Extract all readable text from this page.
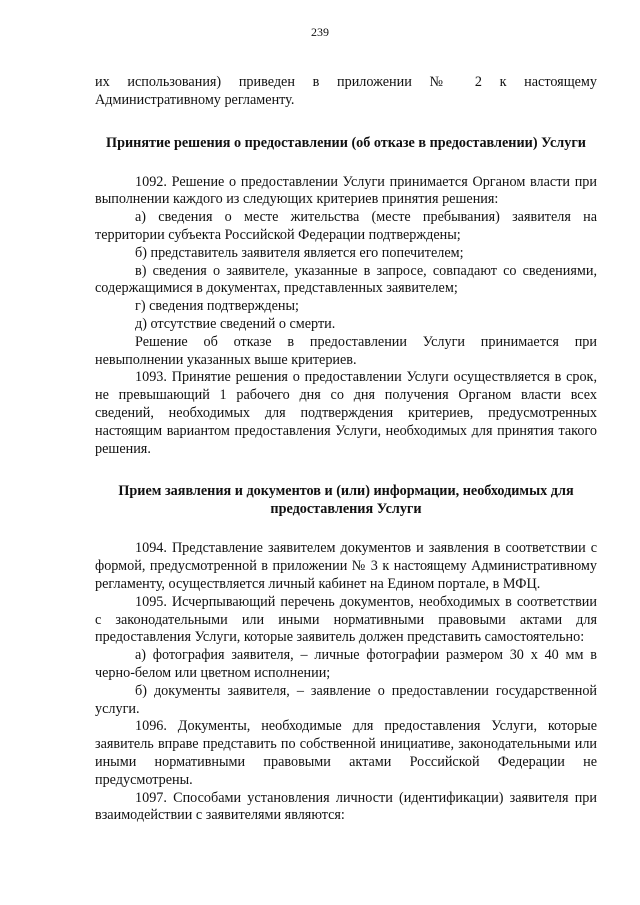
239

их использования) приведен в приложении № 2 к настоящему Административному регламенту.

Принятие решения о предоставлении (об отказе в предоставлении) Услуги

1092. Решение о предоставлении Услуги принимается Органом власти при выполнении каждого из следующих критериев принятия решения:

а) сведения о месте жительства (месте пребывания) заявителя на территории субъекта Российской Федерации подтверждены;

б) представитель заявителя является его попечителем;

в) сведения о заявителе, указанные в запросе, совпадают со сведениями, содержащимися в документах, представленных заявителем;

г) сведения подтверждены;

д) отсутствие сведений о смерти.

Решение об отказе в предоставлении Услуги принимается при невыполнении указанных выше критериев.

1093. Принятие решения о предоставлении Услуги осуществляется в срок, не превышающий 1 рабочего дня со дня получения Органом власти всех сведений, необходимых для подтверждения критериев, предусмотренных настоящим вариантом предоставления Услуги, необходимых для принятия такого решения.

Прием заявления и документов и (или) информации, необходимых для предоставления Услуги

1094. Представление заявителем документов и заявления в соответствии с формой, предусмотренной в приложении № 3 к настоящему Административному регламенту, осуществляется личный кабинет на Едином портале, в МФЦ.

1095. Исчерпывающий перечень документов, необходимых в соответствии с законодательными или иными нормативными правовыми актами для предоставления Услуги, которые заявитель должен представить самостоятельно:

а) фотография заявителя, – личные фотографии размером 30 х 40 мм в черно-белом или цветном исполнении;

б) документы заявителя, – заявление о предоставлении государственной услуги.

1096. Документы, необходимые для предоставления Услуги, которые заявитель вправе представить по собственной инициативе, законодательными или иными нормативными правовыми актами Российской Федерации не предусмотрены.

1097. Способами установления личности (идентификации) заявителя при взаимодействии с заявителями являются:
